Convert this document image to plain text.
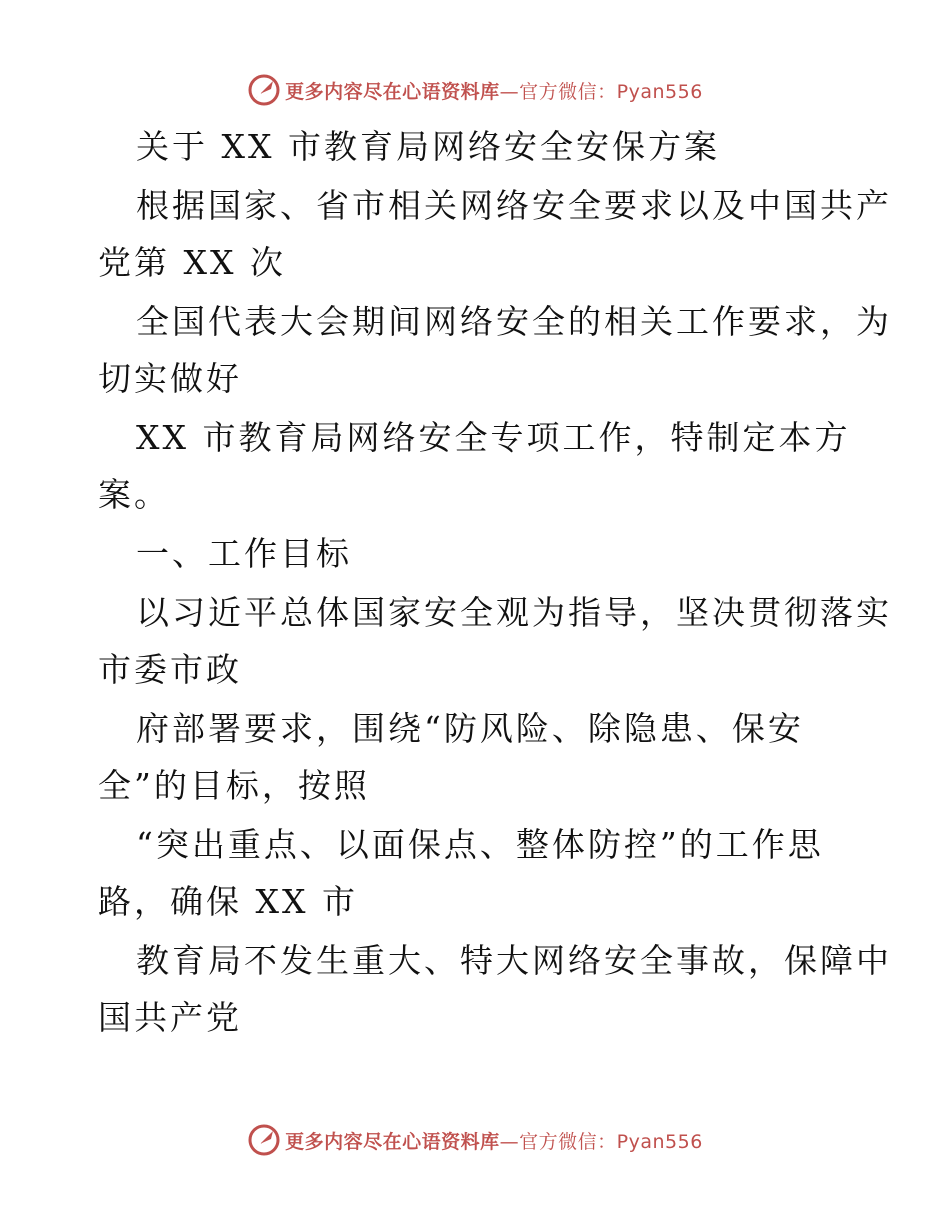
更多内容尽在心语资料库—官方微信：Pyan556
关于 XX 市教育局网络安全安保方案
根据国家、省市相关网络安全要求以及中国共产
党第 XX 次
全国代表大会期间网络安全的相关工作要求，为
切实做好
XX 市教育局网络安全专项工作，特制定本方
案。
一、工作目标
以习近平总体国家安全观为指导，坚决贯彻落实
市委市政
府部署要求，围绕“防风险、除隐患、保安
全”的目标，按照
“突出重点、以面保点、整体防控”的工作思
路，确保 XX 市
教育局不发生重大、特大网络安全事故，保障中
国共产党
更多内容尽在心语资料库—官方微信：Pyan556
